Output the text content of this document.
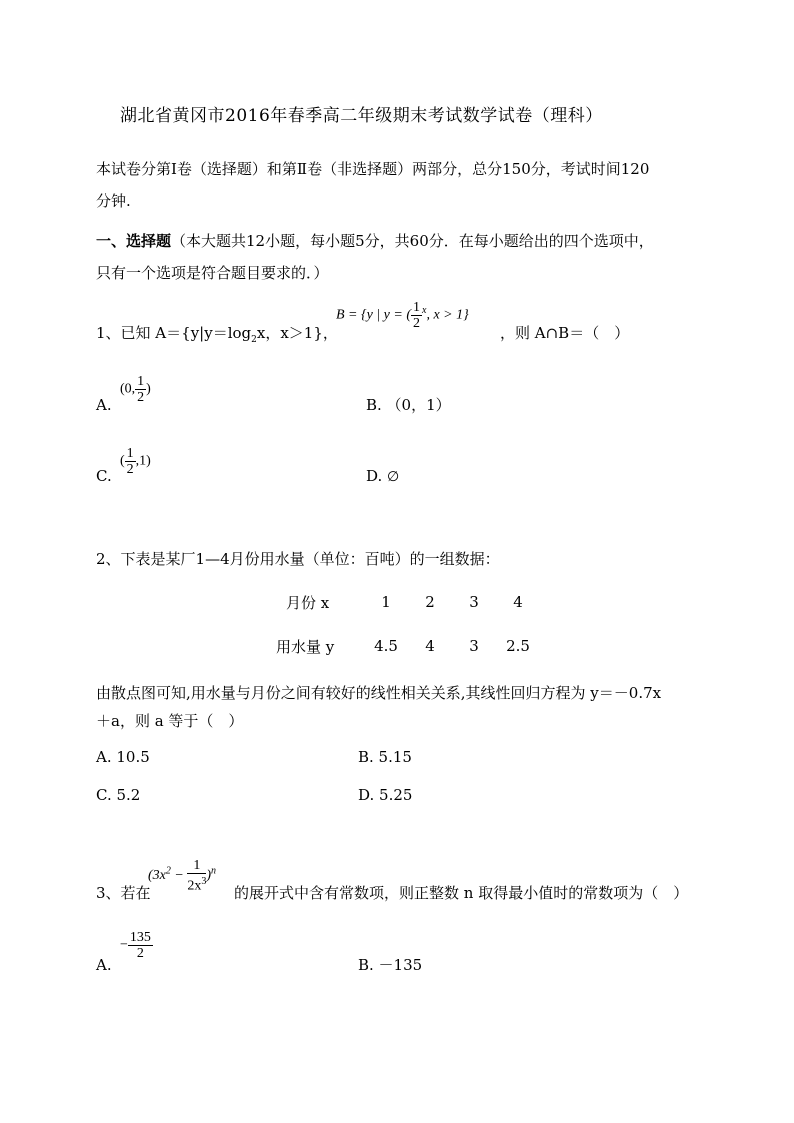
湖北省黄冈市2016年春季高二年级期末考试数学试卷（理科）
本试卷分第Ⅰ卷（选择题）和第Ⅱ卷（非选择题）两部分，总分150分，考试时间120
分钟.
一、选择题（本大题共12小题，每小题5分，共60分．在每小题给出的四个选项中，
只有一个选项是符合题目要求的．）
1、已知 $A=\{y|y=\log_2x$，x＞1}，
B = {y | y = ( $\frac{1}{2} ^x$, x > 1}
，则 A∩B＝（　）
A.
(0, $\frac{1}{2}$ )
B. （0，1）
C.
( $\frac{1}{2} ,1$)
D. ∅
2、下表是某厂1—4月份用水量（单位：百吨）的一组数据：
月份 x	1	2	3	4
用水量 y	4.5	4	3	2.5
由散点图可知,用水量与月份之间有较好的线性相关关系,其线性回归方程为 y＝－0.7x
＋a，则 a 等于（　）
A. 10.5	B. 5.15
C. 5.2	D. 5.25
3、若在
$(3x^2 - \frac{1}{2x^3} )^n$
的展开式中含有常数项，则正整数 n 取得最小值时的常数项为（　）
A.
− $\frac{135}{2}$
B. －135
